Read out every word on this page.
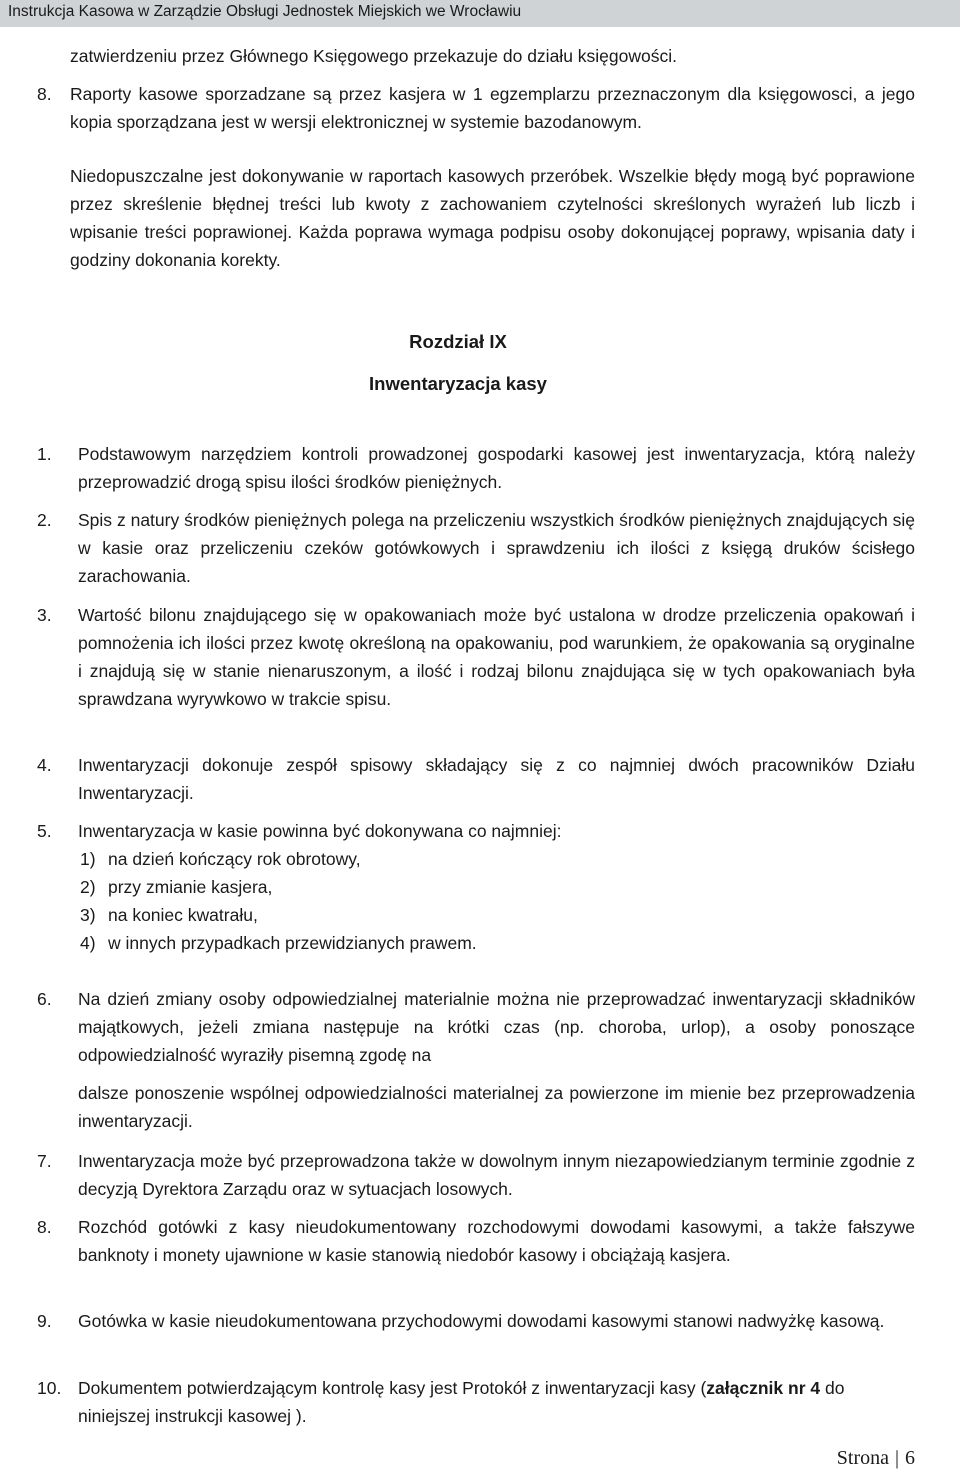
Instrukcja Kasowa w Zarządzie Obsługi Jednostek Miejskich we Wrocławiu
zatwierdzeniu przez Głównego Księgowego przekazuje do działu księgowości.
8. Raporty kasowe sporzadzane są przez kasjera w 1 egzemplarzu przeznaczonym dla księgowosci, a jego kopia sporządzana jest w wersji elektronicznej w systemie bazodanowym.
Niedopuszczalne jest dokonywanie w raportach kasowych przeróbek. Wszelkie błędy mogą być poprawione przez skreślenie błędnej treści lub kwoty z zachowaniem czytelności skreślonych wyrażeń lub liczb i wpisanie treści poprawionej. Każda poprawa wymaga podpisu osoby dokonującej poprawy, wpisania daty i godziny dokonania korekty.
Rozdział IX
Inwentaryzacja kasy
1. Podstawowym narzędziem kontroli prowadzonej gospodarki kasowej jest inwentaryzacja, którą należy przeprowadzić drogą spisu ilości środków pieniężnych.
2. Spis z natury środków pieniężnych polega na przeliczeniu wszystkich środków pieniężnych znajdujących się w kasie oraz przeliczeniu czeków gotówkowych i sprawdzeniu ich ilości z księgą druków ścisłego zarachowania.
3. Wartość bilonu znajdującego się w opakowaniach może być ustalona w drodze przeliczenia opakowań i pomnożenia ich ilości przez kwotę określoną na opakowaniu, pod warunkiem, że opakowania są oryginalne i znajdują się w stanie nienaruszonym, a ilość i rodzaj bilonu znajdująca się w tych opakowaniach była sprawdzana wyrywkowo w trakcie spisu.
4. Inwentaryzacji dokonuje zespół spisowy składający się z co najmniej dwóch pracowników Działu Inwentaryzacji.
5. Inwentaryzacja w kasie powinna być dokonywana co najmniej:
1) na dzień kończący rok obrotowy,
2) przy zmianie kasjera,
3) na koniec kwatrału,
4) w innych przypadkach przewidzianych prawem.
6. Na dzień zmiany osoby odpowiedzialnej materialnie można nie przeprowadzać inwentaryzacji składników majątkowych, jeżeli zmiana następuje na krótki czas (np. choroba, urlop), a osoby ponoszące odpowiedzialność wyraziły pisemną zgodę na
dalsze ponoszenie wspólnej odpowiedzialności materialnej za powierzone im mienie bez przeprowadzenia inwentaryzacji.
7. Inwentaryzacja może być przeprowadzona także w dowolnym innym niezapowiedzianym terminie zgodnie z decyzją Dyrektora Zarządu oraz w sytuacjach losowych.
8. Rozchód gotówki z kasy nieudokumentowany rozchodowymi dowodami kasowymi, a także fałszywe banknoty i monety ujawnione w kasie stanowią niedobór kasowy i obciążają kasjera.
9. Gotówka w kasie nieudokumentowana przychodowymi dowodami kasowymi stanowi nadwyżkę kasową.
10. Dokumentem potwierdzającym kontrolę kasy jest Protokół z inwentaryzacji kasy (załącznik nr 4 do niniejszej instrukcji kasowej ).
Strona | 6
